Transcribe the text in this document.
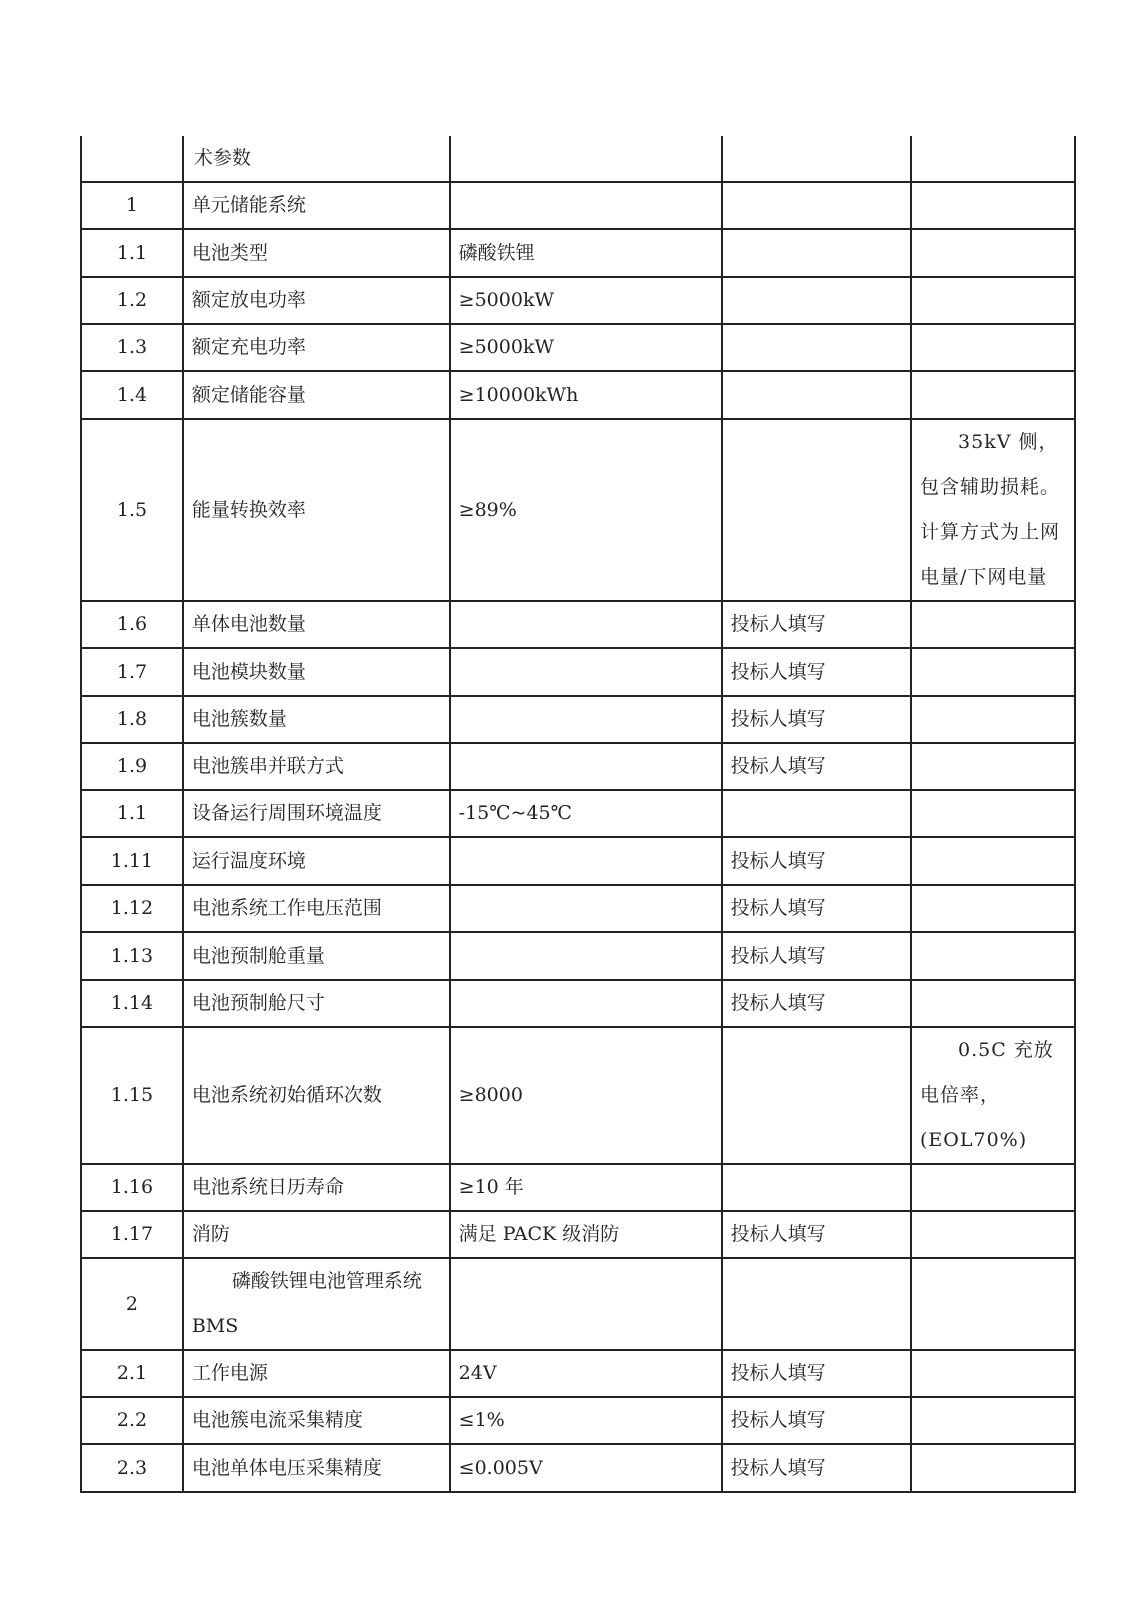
	术参数			
1	单元储能系统			
1.1	电池类型	磷酸铁锂		
1.2	额定放电功率	≥5000kW		
1.3	额定充电功率	≥5000kW		
1.4	额定储能容量	≥10000kWh		
1.5	能量转换效率	≥89%		35kV 侧，包含辅助损耗。计算方式为上网电量/下网电量

1.6	单体电池数量		投标人填写	
1.7	电池模块数量		投标人填写	
1.8	电池簇数量		投标人填写	
1.9	电池簇串并联方式		投标人填写	
1.1	设备运行周围环境温度	-15℃~45℃		
1.11	运行温度环境		投标人填写	
1.12	电池系统工作电压范围		投标人填写	
1.13	电池预制舱重量		投标人填写	
1.14	电池预制舱尺寸		投标人填写	
1.15	电池系统初始循环次数	≥8000		0.5C 充放电倍率，(EOL70%)

1.16	电池系统日历寿命	≥10 年		
1.17	消防	满足 PACK 级消防	投标人填写	
2	磷酸铁锂电池管理系统
BMS			
2.1	工作电源	24V	投标人填写	
2.2	电池簇电流采集精度	≤1%	投标人填写	
2.3	电池单体电压采集精度	≤0.005V	投标人填写	
